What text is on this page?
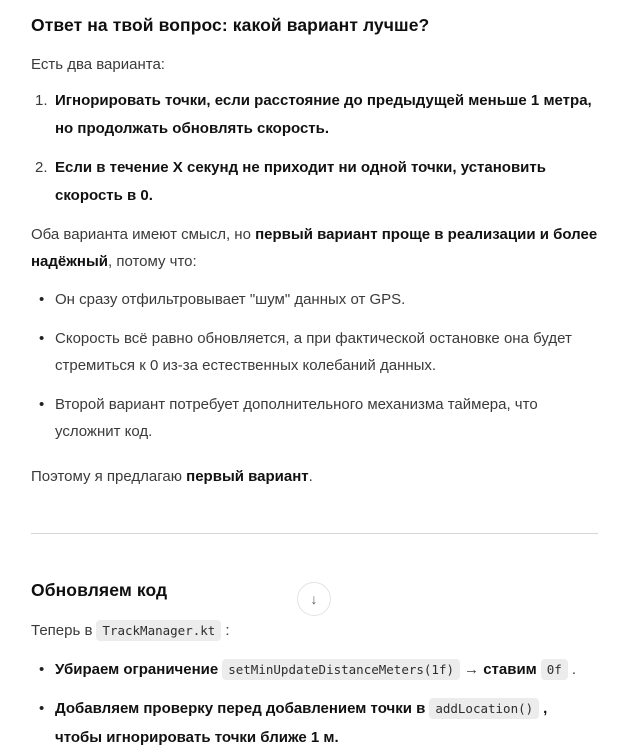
Ответ на твой вопрос: какой вариант лучше?

Есть два варианта:

Игнорировать точки, если расстояние до предыдущей меньше 1 метра, но продолжать обновлять скорость.
Если в течение X секунд не приходит ни одной точки, установить скорость в 0.

Оба варианта имеют смысл, но первый вариант проще в реализации и более надёжный, потому что:

• Он сразу отфильтровывает "шум" данных от GPS.
• Скорость всё равно обновляется, а при фактической остановке она будет стремиться к 0 из-за естественных колебаний данных.
• Второй вариант потребует дополнительного механизма таймера, что усложнит код.

Поэтому я предлагаю первый вариант.

Обновляем код

Теперь в TrackManager.kt :

• Убираем ограничение setMinUpdateDistanceMeters(1f) → ставим 0f .
• Добавляем проверку перед добавлением точки в addLocation() , чтобы игнорировать точки ближе 1 м.
↓
